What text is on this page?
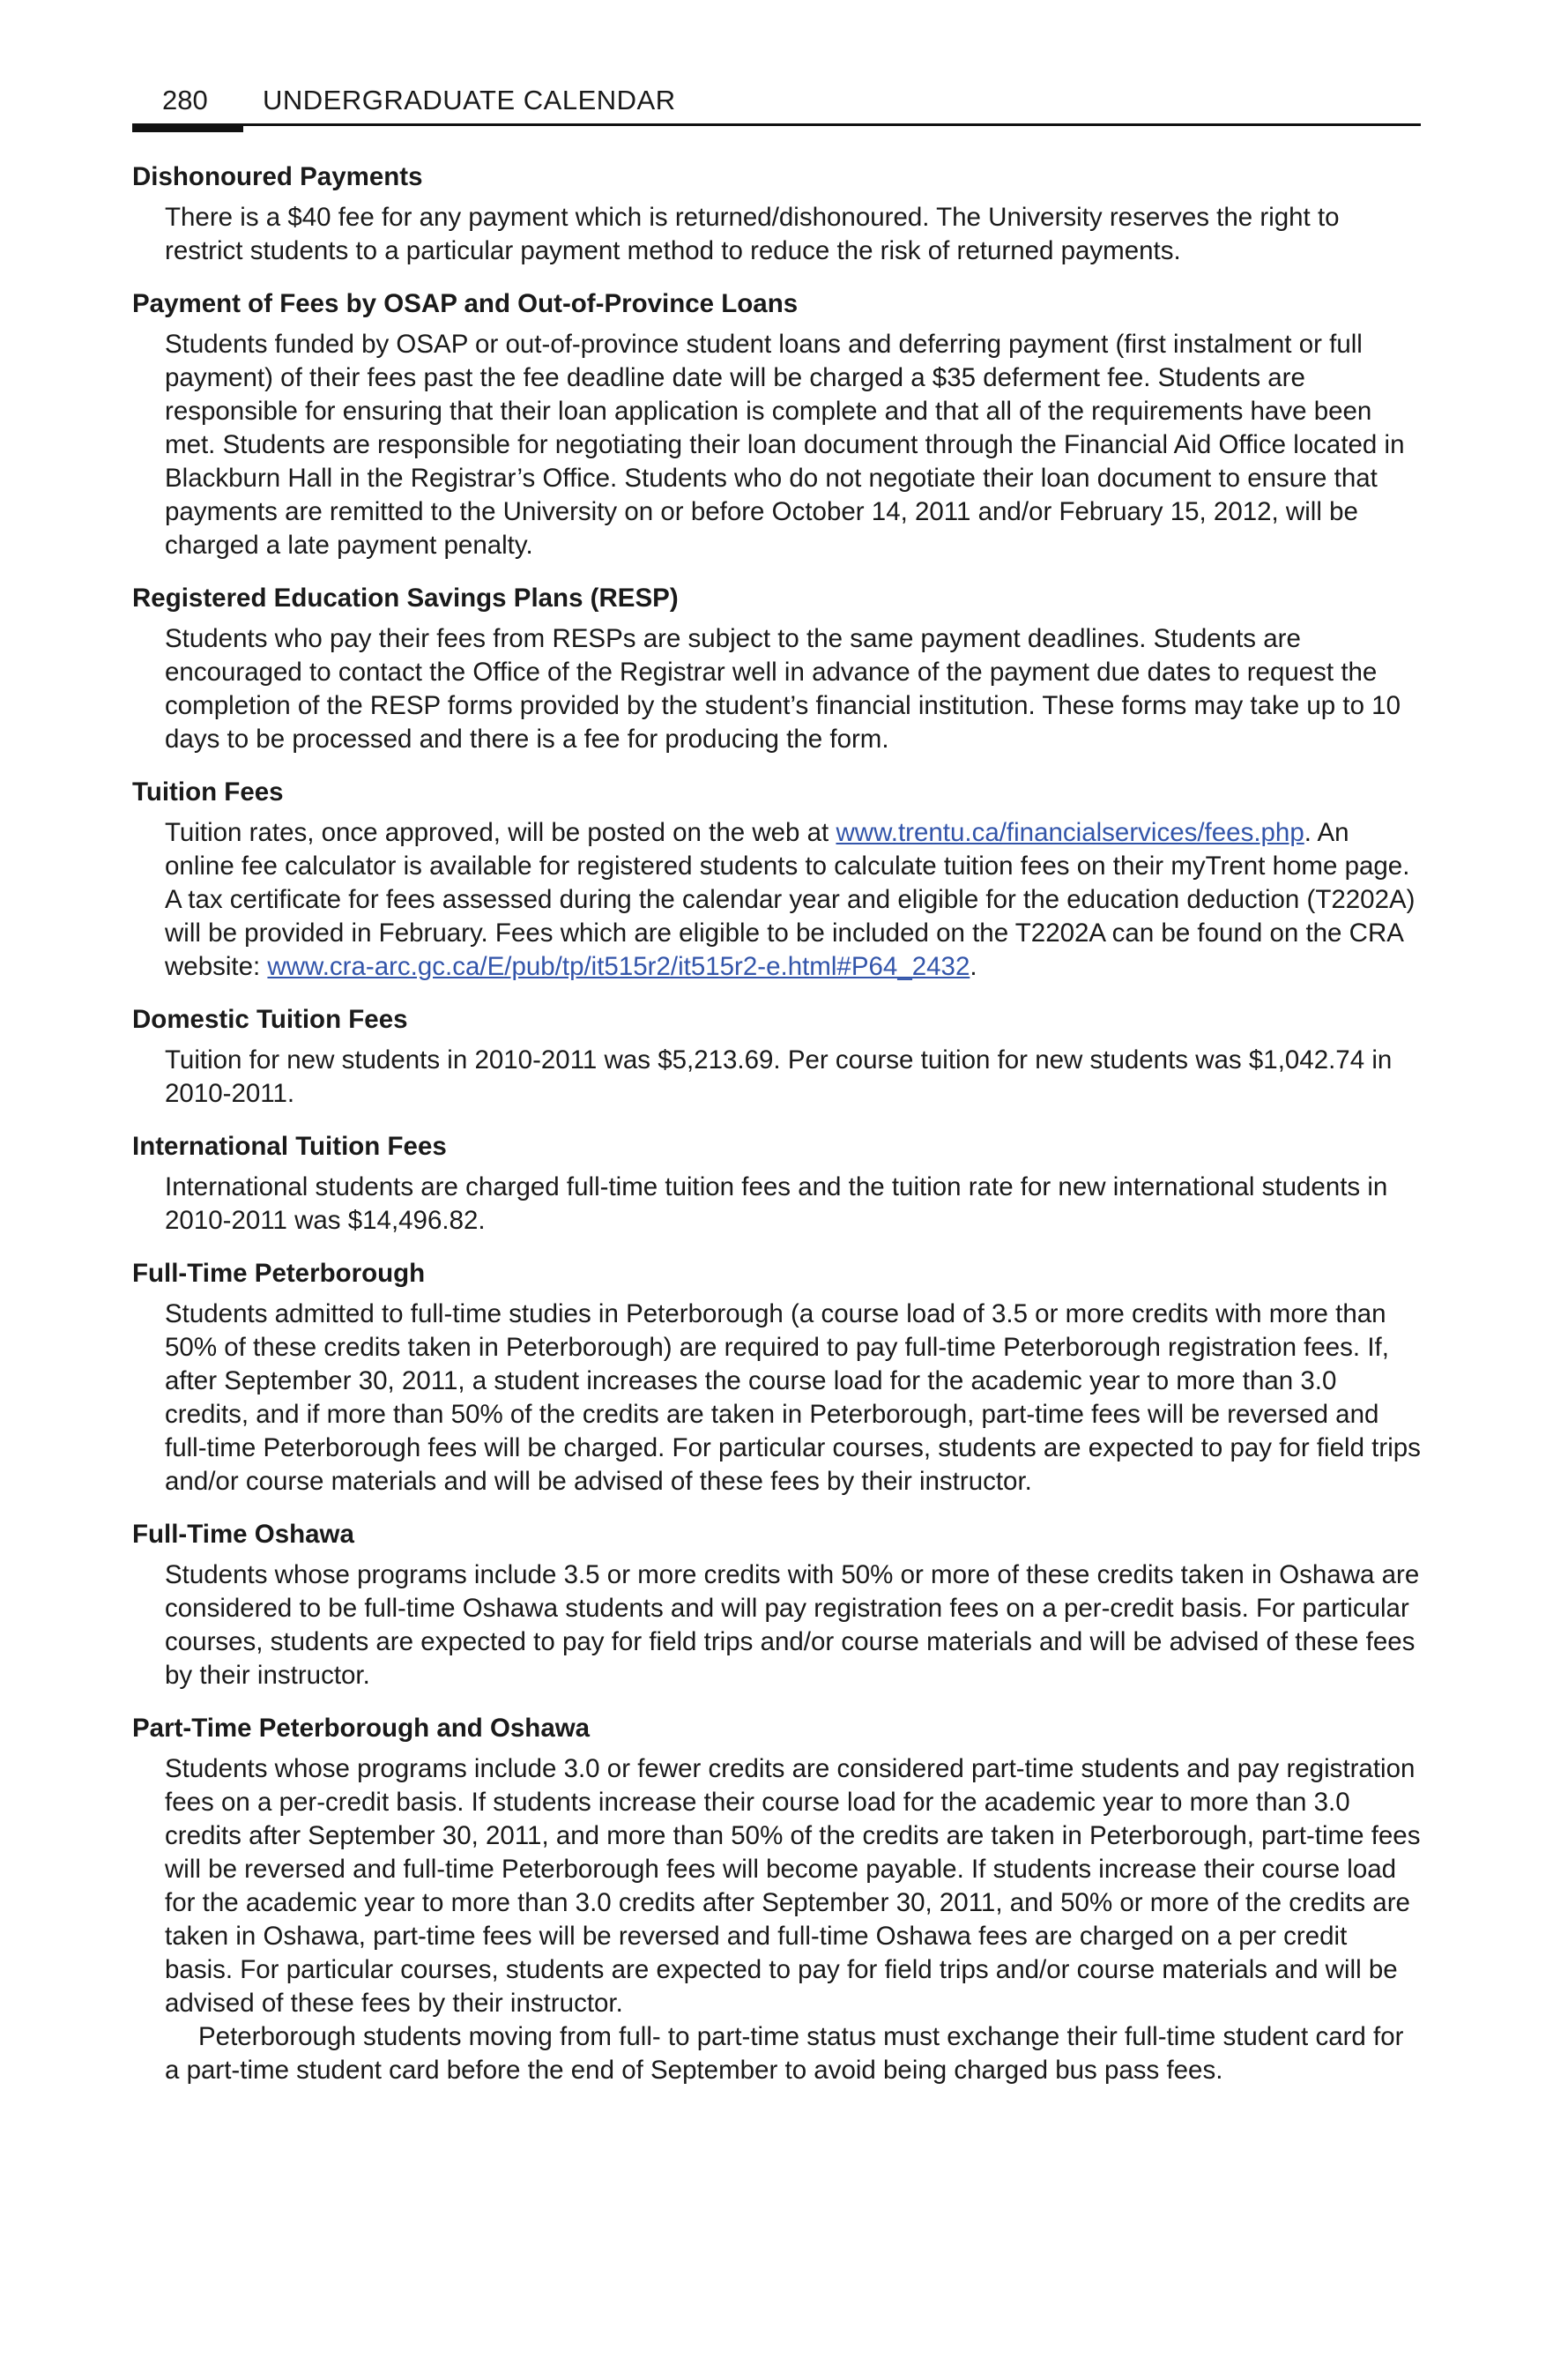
280 UNDERGRADUATE CALENDAR
Dishonoured Payments

There is a $40 fee for any payment which is returned/dishonoured. The University reserves the right to restrict students to a particular payment method to reduce the risk of returned payments.

Payment of Fees by OSAP and Out-of-Province Loans

Students funded by OSAP or out-of-province student loans and deferring payment (first instalment or full payment) of their fees past the fee deadline date will be charged a $35 deferment fee. Students are responsible for ensuring that their loan application is complete and that all of the requirements have been met. Students are responsible for negotiating their loan document through the Financial Aid Office located in Blackburn Hall in the Registrar’s Office. Students who do not negotiate their loan document to ensure that payments are remitted to the University on or before October 14, 2011 and/or February 15, 2012, will be charged a late payment penalty.

Registered Education Savings Plans (RESP)

Students who pay their fees from RESPs are subject to the same payment deadlines. Students are encouraged to contact the Office of the Registrar well in advance of the payment due dates to request the completion of the RESP forms provided by the student’s financial institution. These forms may take up to 10 days to be processed and there is a fee for producing the form.

Tuition Fees

Tuition rates, once approved, will be posted on the web at www.trentu.ca/financialservices/fees.php. An online fee calculator is available for registered students to calculate tuition fees on their myTrent home page. A tax certificate for fees assessed during the calendar year and eligible for the education deduction (T2202A) will be provided in February. Fees which are eligible to be included on the T2202A can be found on the CRA website: www.cra-arc.gc.ca/E/pub/tp/it515r2/it515r2-e.html#P64_2432.

Domestic Tuition Fees

Tuition for new students in 2010-2011 was $5,213.69. Per course tuition for new students was $1,042.74 in 2010-2011.

International Tuition Fees

International students are charged full-time tuition fees and the tuition rate for new international students in 2010-2011 was $14,496.82.

Full-Time Peterborough

Students admitted to full-time studies in Peterborough (a course load of 3.5 or more credits with more than 50% of these credits taken in Peterborough) are required to pay full-time Peterborough registration fees. If, after September 30, 2011, a student increases the course load for the academic year to more than 3.0 credits, and if more than 50% of the credits are taken in Peterborough, part-time fees will be reversed and full-time Peterborough fees will be charged. For particular courses, students are expected to pay for field trips and/or course materials and will be advised of these fees by their instructor.

Full-Time Oshawa

Students whose programs include 3.5 or more credits with 50% or more of these credits taken in Oshawa are considered to be full-time Oshawa students and will pay registration fees on a per-credit basis. For particular courses, students are expected to pay for field trips and/or course materials and will be advised of these fees by their instructor.

Part-Time Peterborough and Oshawa

Students whose programs include 3.0 or fewer credits are considered part-time students and pay registration fees on a per-credit basis. If students increase their course load for the academic year to more than 3.0 credits after September 30, 2011, and more than 50% of the credits are taken in Peterborough, part-time fees will be reversed and full-time Peterborough fees will become payable. If students increase their course load for the academic year to more than 3.0 credits after September 30, 2011, and 50% or more of the credits are taken in Oshawa, part-time fees will be reversed and full-time Oshawa fees are charged on a per credit basis. For particular courses, students are expected to pay for field trips and/or course materials and will be advised of these fees by their instructor.

Peterborough students moving from full- to part-time status must exchange their full-time student card for a part-time student card before the end of September to avoid being charged bus pass fees.
